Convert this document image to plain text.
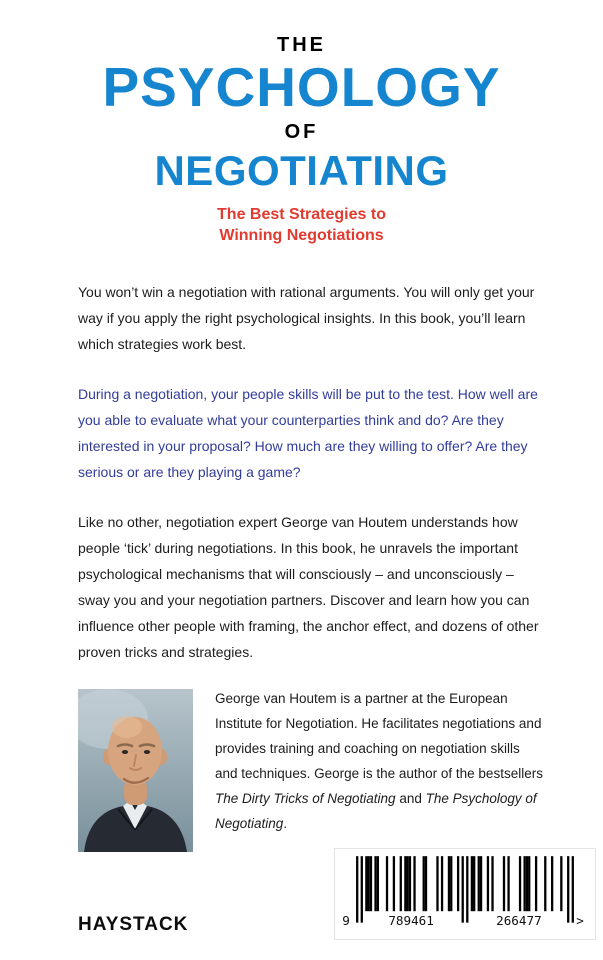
THE
PSYCHOLOGY
OF
NEGOTIATING
The Best Strategies to
Winning Negotiations

You won’t win a negotiation with rational arguments. You will only get your way if you apply the right psychological insights. In this book, you’ll learn which strategies work best.

During a negotiation, your people skills will be put to the test. How well are you able to evaluate what your counterparties think and do? Are they interested in your proposal? How much are they willing to offer? Are they serious or are they playing a game?

Like no other, negotiation expert George van Houtem understands how people ‘tick’ during negotiations. In this book, he unravels the important psychological mechanisms that will consciously – and unconsciously – sway you and your negotiation partners. Discover and learn how you can influence other people with framing, the anchor effect, and dozens of other proven tricks and strategies.

George van Houtem is a partner at the European Institute for Negotiation. He facilitates negotiations and provides training and coaching on negotiation skills and techniques. George is the author of the bestsellers The Dirty Tricks of Negotiating and The Psychology of Negotiating.

HAYSTACK	9	789461	266477	>
